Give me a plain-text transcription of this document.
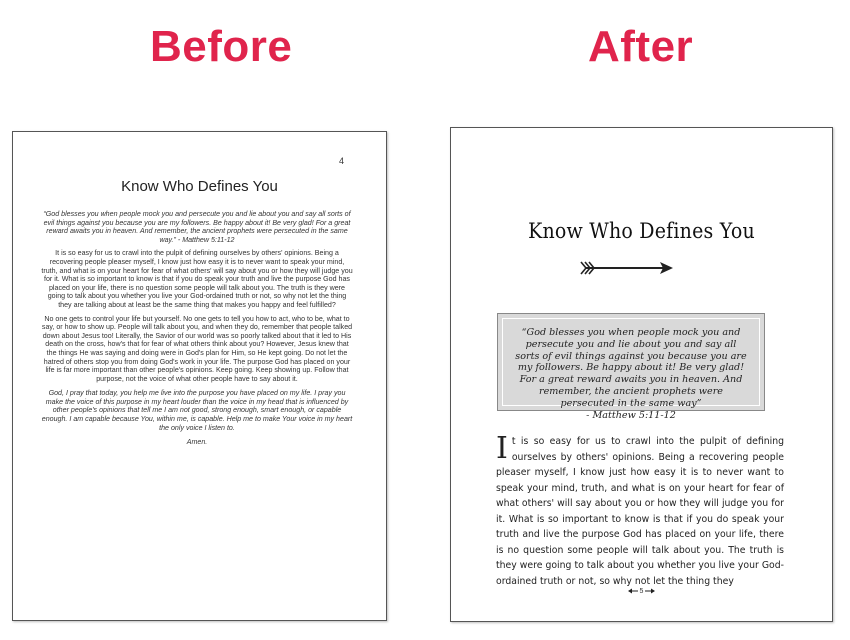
Before	After
4
Know Who Defines You

“God blesses you when people mock you and persecute you and lie about you and say all sorts of evil things against you because you are my followers. Be happy about it! Be very glad! For a great reward awaits you in heaven. And remember, the ancient prophets were persecuted in the same way.” - Matthew 5:11-12

It is so easy for us to crawl into the pulpit of defining ourselves by others' opinions. Being a recovering people pleaser myself, I know just how easy it is to never want to speak your mind, truth, and what is on your heart for fear of what others' will say about you or how they will judge you for it. What is so important to know is that if you do speak your truth and live the purpose God has placed on your life, there is no question some people will talk about you. The truth is they were going to talk about you whether you live your God-ordained truth or not, so why not let the thing they are talking about at least be the same thing that makes you happy and feel fulfilled?

No one gets to control your life but yourself. No one gets to tell you how to act, who to be, what to say, or how to show up. People will talk about you, and when they do, remember that people talked down about Jesus too! Literally, the Savior of our world was so poorly talked about that it led to His death on the cross, how's that for fear of what others think about you? However, Jesus knew that the things He was saying and doing were in God's plan for Him, so He kept going. Do not let the hatred of others stop you from doing God's work in your life. The purpose God has placed on your life is far more important than other people's opinions. Keep going. Keep showing up. Follow that purpose, not the voice of what other people have to say about it.

God, I pray that today, you help me live into the purpose you have placed on my life. I pray you make the voice of this purpose in my heart louder than the voice in my head that is influenced by other people's opinions that tell me I am not good, strong enough, smart enough, or capable enough. I am capable because You, within me, is capable. Help me to make Your voice in my heart the only voice I listen to.

Amen.

Know Who Defines You
“God blesses you when people mock you and persecute you and lie about you and say all sorts of evil things against you because you are my followers. Be happy about it! Be very glad! For a great reward awaits you in heaven. And remember, the ancient prophets were persecuted in the same way”
- Matthew 5:11-12
It is so easy for us to crawl into the pulpit of defining ourselves by others' opinions. Being a recovering people pleaser myself, I know just how easy it is to never want to speak your mind, truth, and what is on your heart for fear of what others' will say about you or how they will judge you for it. What is so important to know is that if you do speak your truth and live the purpose God has placed on your life, there is no question some people will talk about you. The truth is they were going to talk about you whether you live your God-ordained truth or not, so why not let the thing they
5
